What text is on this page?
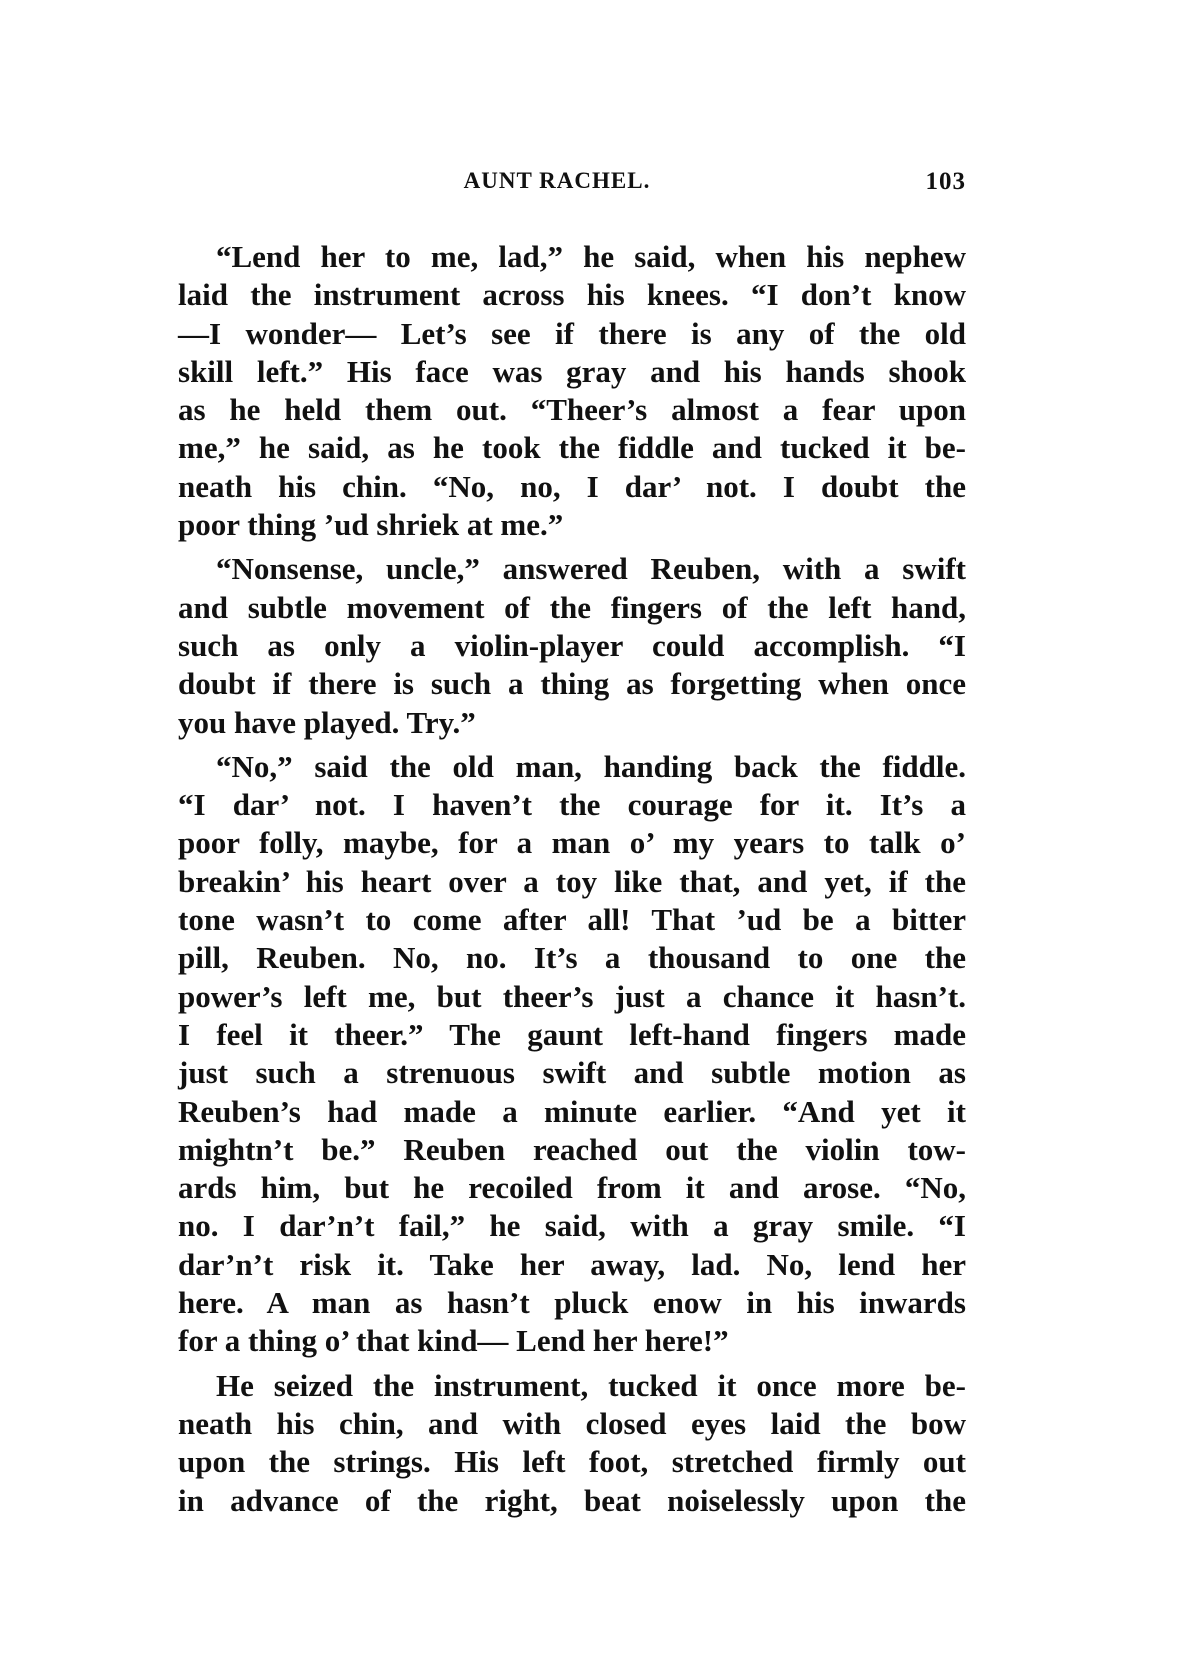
AUNT RACHEL.	103
“Lend her to me, lad,” he said, when his nephew
laid the instrument across his knees. “I don’t know
—I wonder— Let’s see if there is any of the old
skill left.” His face was gray and his hands shook
as he held them out. “Theer’s almost a fear upon
me,” he said, as he took the fiddle and tucked it be-
neath his chin. “No, no, I dar’ not. I doubt the
poor thing ’ud shriek at me.”
“Nonsense, uncle,” answered Reuben, with a swift
and subtle movement of the fingers of the left hand,
such as only a violin-player could accomplish. “I
doubt if there is such a thing as forgetting when once
you have played. Try.”
“No,” said the old man, handing back the fiddle.
“I dar’ not. I haven’t the courage for it. It’s a
poor folly, maybe, for a man o’ my years to talk o’
breakin’ his heart over a toy like that, and yet, if the
tone wasn’t to come after all! That ’ud be a bitter
pill, Reuben. No, no. It’s a thousand to one the
power’s left me, but theer’s just a chance it hasn’t.
I feel it theer.” The gaunt left-hand fingers made
just such a strenuous swift and subtle motion as
Reuben’s had made a minute earlier. “And yet it
mightn’t be.” Reuben reached out the violin tow-
ards him, but he recoiled from it and arose. “No,
no. I dar’n’t fail,” he said, with a gray smile. “I
dar’n’t risk it. Take her away, lad. No, lend her
here. A man as hasn’t pluck enow in his inwards
for a thing o’ that kind— Lend her here!”
He seized the instrument, tucked it once more be-
neath his chin, and with closed eyes laid the bow
upon the strings. His left foot, stretched firmly out
in advance of the right, beat noiselessly upon the
